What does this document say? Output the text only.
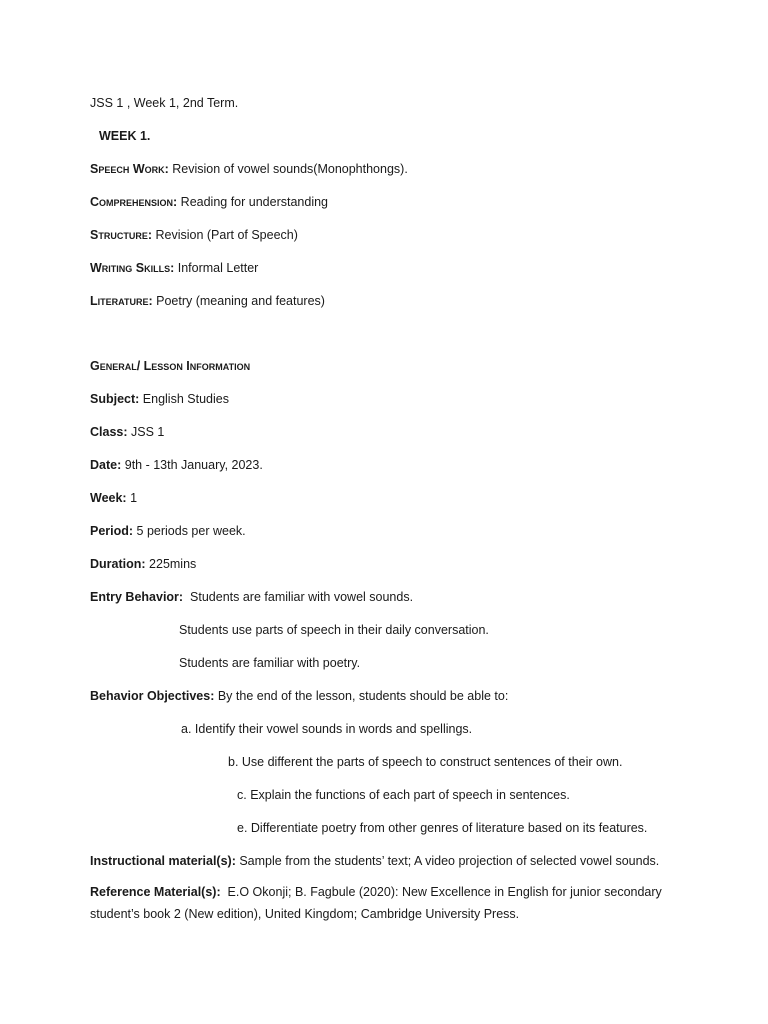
JSS 1 , Week 1, 2nd Term.
WEEK 1.
Speech Work: Revision of vowel sounds(Monophthongs).
Comprehension: Reading for understanding
Structure: Revision (Part of Speech)
Writing Skills: Informal Letter
Literature: Poetry (meaning and features)
General/ Lesson Information
Subject: English Studies
Class: JSS 1
Date: 9th - 13th January, 2023.
Week: 1
Period: 5 periods per week.
Duration: 225mins
Entry Behavior:  Students are familiar with vowel sounds.
Students use parts of speech in their daily conversation.
Students are familiar with poetry.
Behavior Objectives: By the end of the lesson, students should be able to:
a. Identify their vowel sounds in words and spellings.
b. Use different the parts of speech to construct sentences of their own.
c. Explain the functions of each part of speech in sentences.
e. Differentiate poetry from other genres of literature based on its features.
Instructional material(s): Sample from the students’ text; A video projection of selected vowel sounds.
Reference Material(s):  E.O Okonji; B. Fagbule (2020): New Excellence in English for junior secondary student’s book 2 (New edition), United Kingdom; Cambridge University Press.
